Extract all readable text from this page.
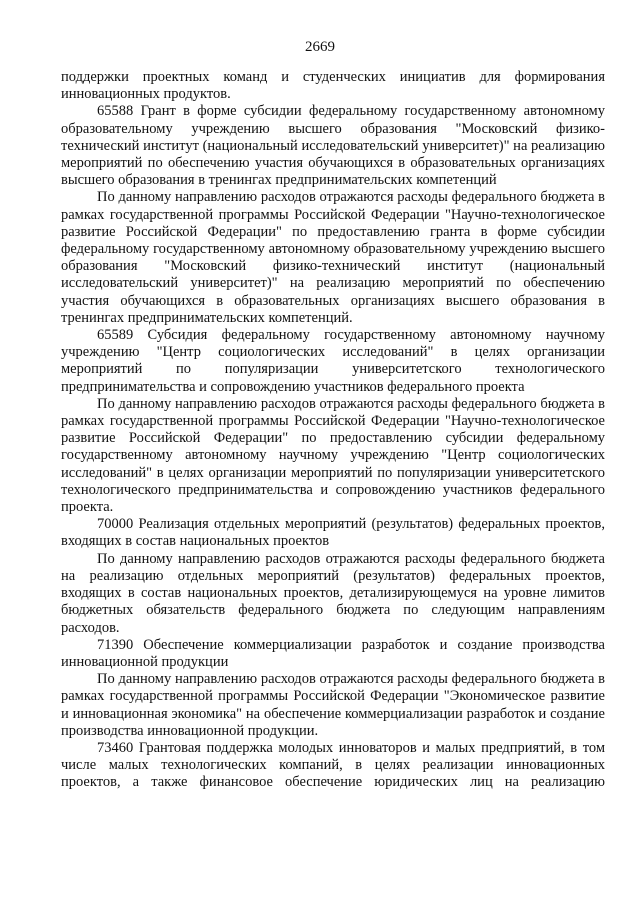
2669

поддержки проектных команд и студенческих инициатив для формирования инновационных продуктов.

65588 Грант в форме субсидии федеральному государственному автономному образовательному учреждению высшего образования "Московский физико-технический институт (национальный исследовательский университет)" на реализацию мероприятий по обеспечению участия обучающихся в образовательных организациях высшего образования в тренингах предпринимательских компетенций

По данному направлению расходов отражаются расходы федерального бюджета в рамках государственной программы Российской Федерации "Научно-технологическое развитие Российской Федерации" по предоставлению гранта в форме субсидии федеральному государственному автономному образовательному учреждению высшего образования "Московский физико-технический институт (национальный исследовательский университет)" на реализацию мероприятий по обеспечению участия обучающихся в образовательных организациях высшего образования в тренингах предпринимательских компетенций.

65589 Субсидия федеральному государственному автономному научному учреждению "Центр социологических исследований" в целях организации мероприятий по популяризации университетского технологического предпринимательства и сопровождению участников федерального проекта

По данному направлению расходов отражаются расходы федерального бюджета в рамках государственной программы Российской Федерации "Научно-технологическое развитие Российской Федерации" по предоставлению субсидии федеральному государственному автономному научному учреждению "Центр социологических исследований" в целях организации мероприятий по популяризации университетского технологического предпринимательства и сопровождению участников федерального проекта.

70000 Реализация отдельных мероприятий (результатов) федеральных проектов, входящих в состав национальных проектов

По данному направлению расходов отражаются расходы федерального бюджета на реализацию отдельных мероприятий (результатов) федеральных проектов, входящих в состав национальных проектов, детализирующемуся на уровне лимитов бюджетных обязательств федерального бюджета по следующим направлениям расходов.

71390 Обеспечение коммерциализации разработок и создание производства инновационной продукции

По данному направлению расходов отражаются расходы федерального бюджета в рамках государственной программы Российской Федерации "Экономическое развитие и инновационная экономика" на обеспечение коммерциализации разработок и создание производства инновационной продукции.

73460 Грантовая поддержка молодых инноваторов и малых предприятий, в том числе малых технологических компаний, в целях реализации инновационных проектов, а также финансовое обеспечение юридических лиц на реализацию
